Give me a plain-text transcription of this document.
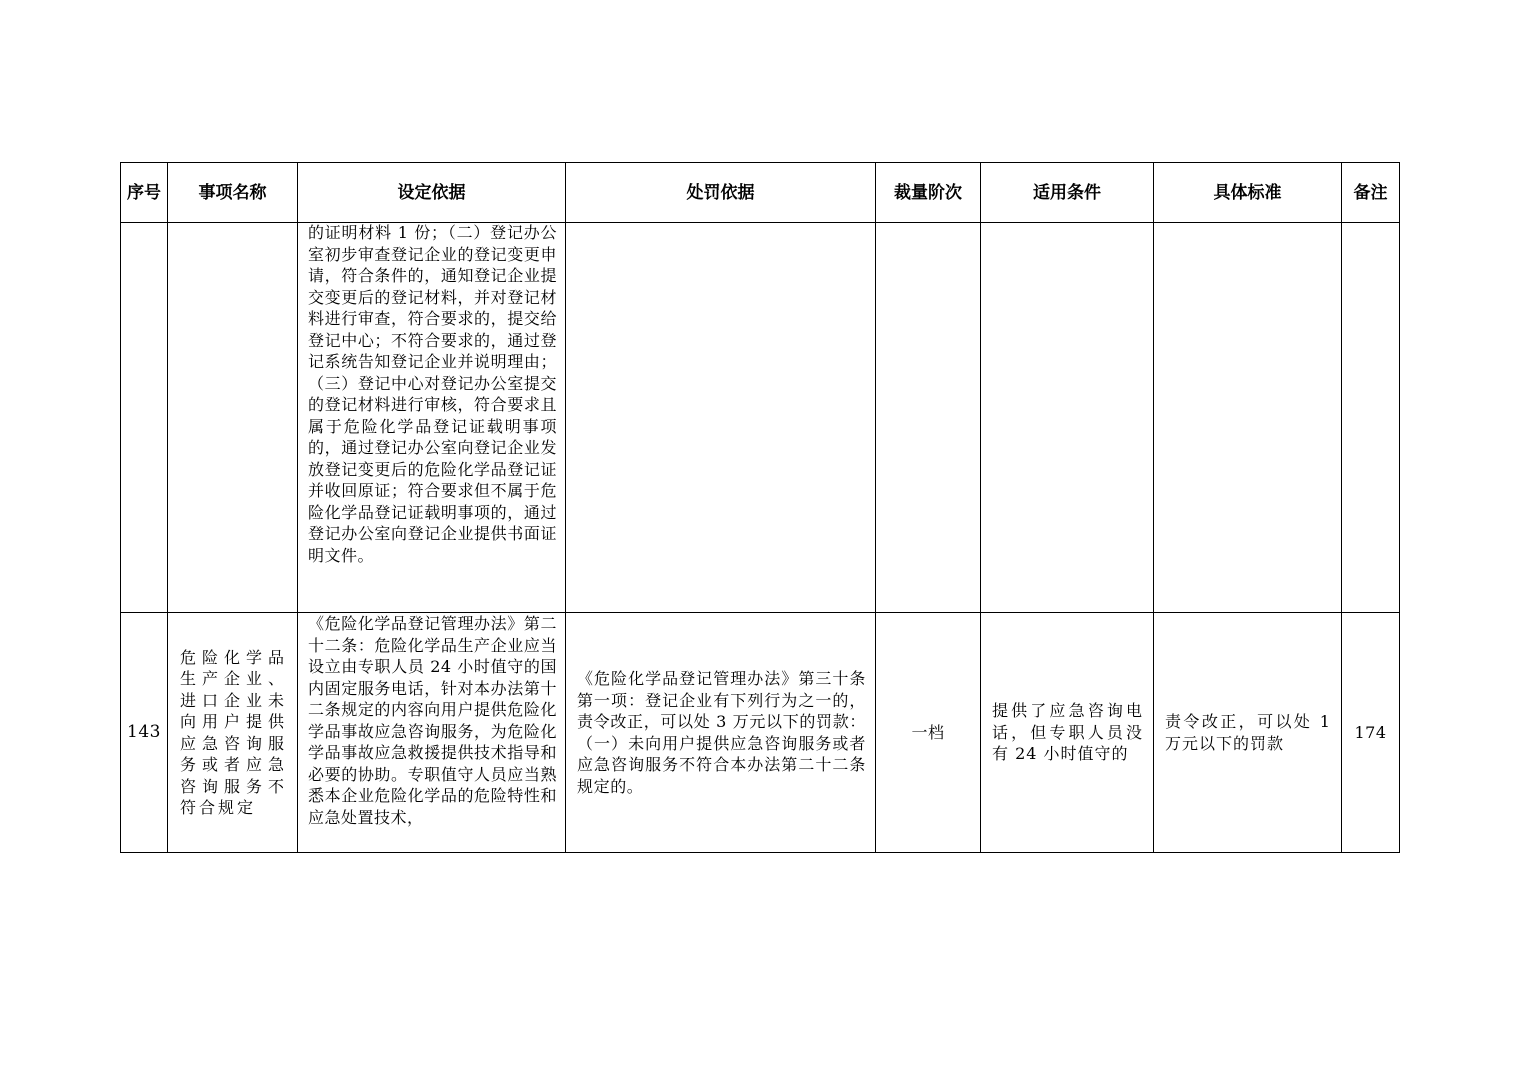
序号	事项名称	设定依据	处罚依据	裁量阶次	适用条件	具体标准	备注

		的证明材料 1 份；（二）登记办公室初步审查登记企业的登记变更申请，符合条件的，通知登记企业提交变更后的登记材料，并对登记材料进行审查，符合要求的，提交给登记中心；不符合要求的，通过登记系统告知登记企业并说明理由；（三）登记中心对登记办公室提交的登记材料进行审核，符合要求且属于危险化学品登记证载明事项的，通过登记办公室向登记企业发放登记变更后的危险化学品登记证并收回原证；符合要求但不属于危险化学品登记证载明事项的，通过登记办公室向登记企业提供书面证明文件。					

143	危险化学品生产企业、进口企业未向用户提供应急咨询服务或者应急咨询服务不符合规定	《危险化学品登记管理办法》第二十二条：危险化学品生产企业应当设立由专职人员 24 小时值守的国内固定服务电话，针对本办法第十二条规定的内容向用户提供危险化学品事故应急咨询服务，为危险化学品事故应急救援提供技术指导和必要的协助。专职值守人员应当熟悉本企业危险化学品的危险特性和应急处置技术，	《危险化学品登记管理办法》第三十条第一项：登记企业有下列行为之一的，责令改正，可以处 3 万元以下的罚款：（一）未向用户提供应急咨询服务或者应急咨询服务不符合本办法第二十二条规定的。	一档	提供了应急咨询电话，但专职人员没有 24 小时值守的	责令改正，可以处 1 万元以下的罚款	174
